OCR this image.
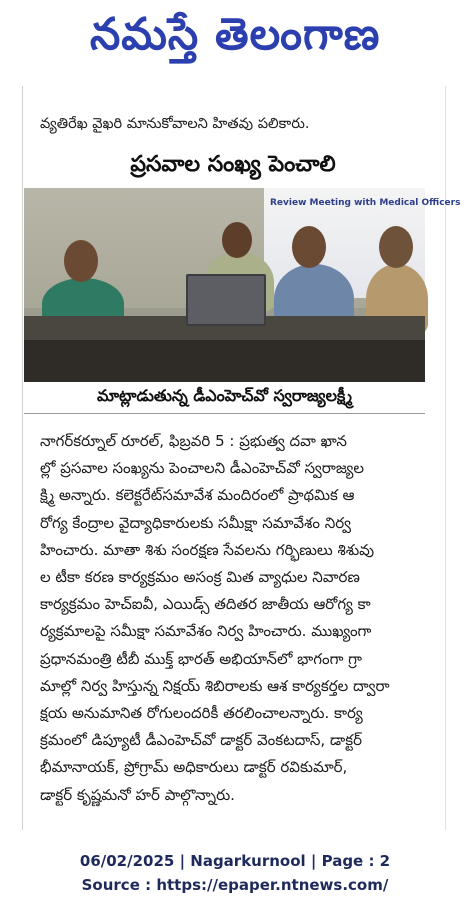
నమస్తే తెలంగాణ
వ్యతిరేఖ వైఖరి మానుకోవాలని హితవు పలికారు.
ప్రసవాల సంఖ్య పెంచాలి
Review Meeting with Medical Officers
మాట్లాడుతున్న డీఎంహెచ్‌వో స్వరాజ్యలక్ష్మీ

నాగర్‌కర్నూల్ రూరల్, ఫిబ్రవరి 5 : ప్రభుత్వ దవా ఖాన

ల్లో ప్రసవాల సంఖ్యను పెంచాలని డీఎంహెచ్‌వో స్వరాజ్యల

క్ష్మి అన్నారు. కలెక్టరేట్‌సమావేశ మందిరంలో ప్రాథమిక ఆ

రోగ్య కేంద్రాల వైద్యాధికారులకు సమీక్షా సమావేశం నిర్వ

హించారు. మాతా శిశు సంరక్షణ సేవలను గర్భిణులు శిశువు

ల టీకా కరణ కార్యక్రమం అసంక్ర మిత వ్యాధుల నివారణ

కార్యక్రమం హెచ్‌ఐవీ, ఎయిడ్స్ తదితర జాతీయ ఆరోగ్య కా

ర్యక్రమాలపై సమీక్షా సమావేశం నిర్వ హించారు. ముఖ్యంగా

ప్రధానమంత్రి టీబీ ముక్త్ భారత్ అభియాన్‌లో భాగంగా గ్రా

మాల్లో నిర్వ హిస్తున్న నిక్షయ్ శిబిరాలకు ఆశ కార్యకర్తల ద్వారా

క్షయ అనుమానిత రోగులందరికీ తరలించాలన్నారు. కార్య

క్రమంలో డిప్యూటీ డీఎంహెచ్‌వో డాక్టర్ వెంకటదాస్, డాక్టర్

భీమానాయక్, ప్రోగ్రామ్ అధికారులు డాక్టర్ రవికుమార్,

డాక్టర్ కృష్ణమనో హర్ పాల్గొన్నారు.

06/02/2025 | Nagarkurnool | Page : 2
Source : https://epaper.ntnews.com/
